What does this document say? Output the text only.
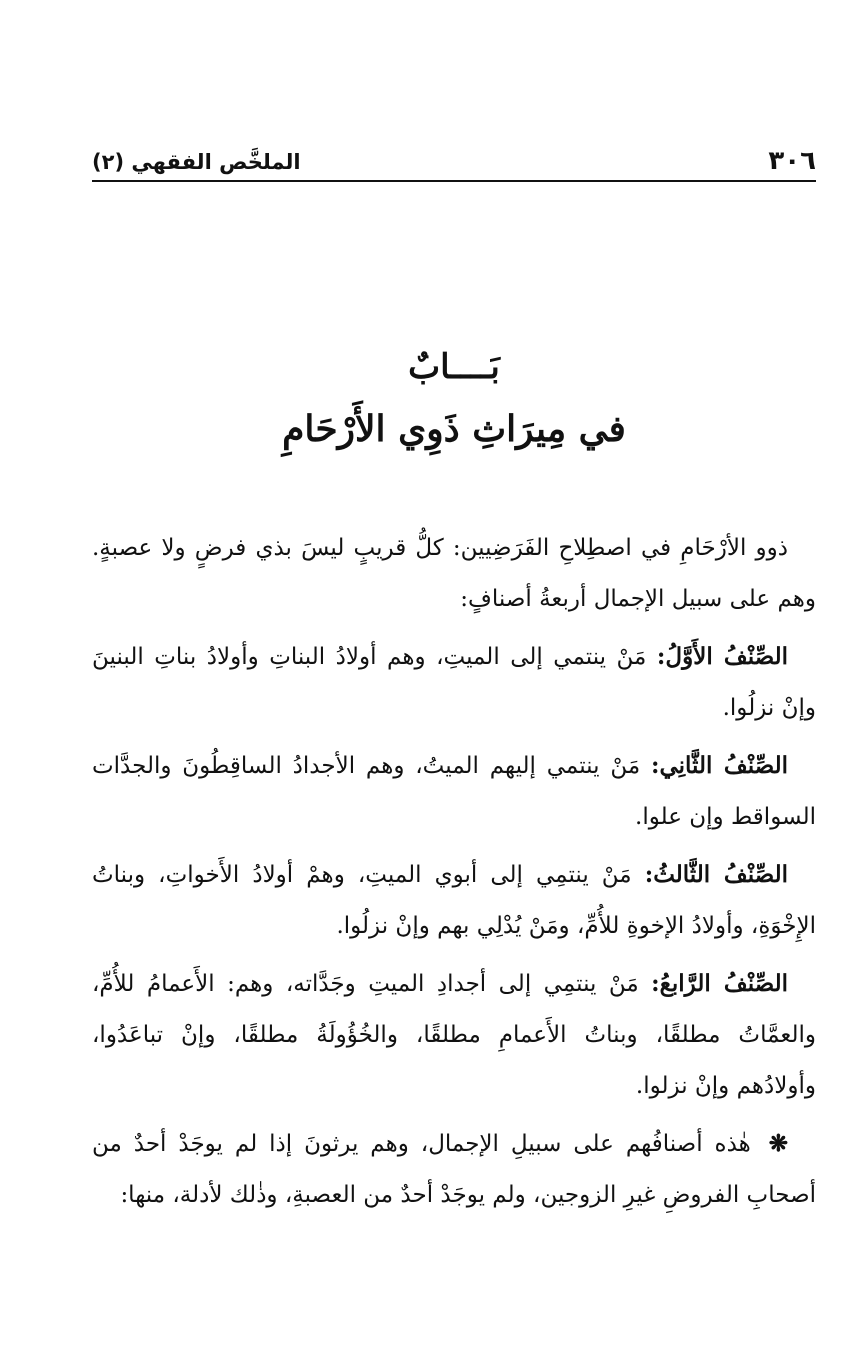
٣٠٦
الملخَّص الفقهي (٢)
بَــــابٌ
في مِيرَاثِ ذَوِي الأَرْحَامِ

ذوو الأرْحَامِ في اصطِلاحِ الفَرَضِيين: كلُّ قريبٍ ليسَ بذي فرضٍ ولا عصبةٍ. وهم على سبيل الإجمال أربعةُ أصنافٍ:

الصِّنْفُ الأَوَّلُ: مَنْ ينتمي إلى الميتِ، وهم أولادُ البناتِ وأولادُ بناتِ البنينَ وإنْ نزلُوا.

الصِّنْفُ الثَّانِي: مَنْ ينتمي إليهم الميتُ، وهم الأجدادُ الساقِطُونَ والجدَّات السواقط وإن علوا.

الصِّنْفُ الثَّالثُ: مَنْ ينتمِي إلى أبوي الميتِ، وهمْ أولادُ الأَخواتِ، وبناتُ الإِخْوَةِ، وأولادُ الإخوةِ للأُمِّ، ومَنْ يُدْلِي بهم وإنْ نزلُوا.

الصِّنْفُ الرَّابعُ: مَنْ ينتمِي إلى أجدادِ الميتِ وجَدَّاته، وهم: الأَعمامُ للأُمِّ، والعمَّاتُ مطلقًا، وبناتُ الأَعمامِ مطلقًا، والخُؤُولَةُ مطلقًا، وإنْ تباعَدُوا، وأولادُهم وإنْ نزلوا.

❋ هٰذه أصنافُهم على سبيلِ الإجمال، وهم يرثونَ إذا لم يوجَدْ أحدٌ من أصحابِ الفروضِ غيرِ الزوجين، ولم يوجَدْ أحدٌ من العصبةِ، وذٰلك لأدلة، منها:
